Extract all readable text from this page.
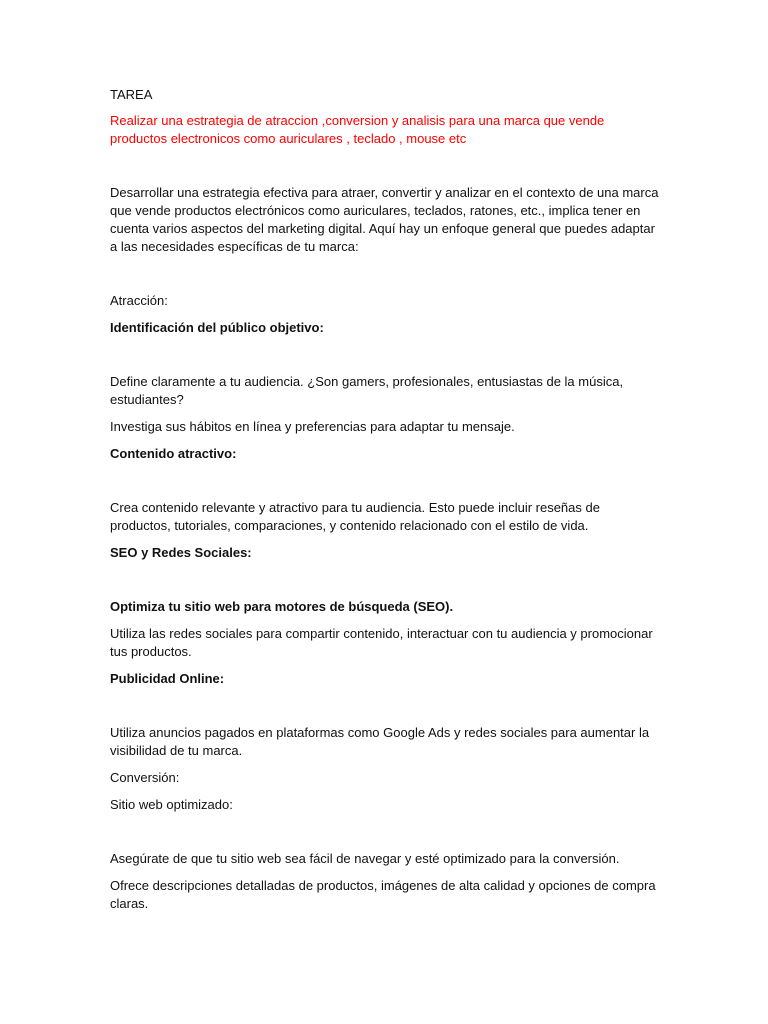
TAREA

Realizar una estrategia de atraccion ,conversion y analisis para una marca que vende productos electronicos como auriculares , teclado , mouse etc

Desarrollar una estrategia efectiva para atraer, convertir y analizar en el contexto de una marca que vende productos electrónicos como auriculares, teclados, ratones, etc., implica tener en cuenta varios aspectos del marketing digital. Aquí hay un enfoque general que puedes adaptar a las necesidades específicas de tu marca:

Atracción:

Identificación del público objetivo:

Define claramente a tu audiencia. ¿Son gamers, profesionales, entusiastas de la música, estudiantes?

Investiga sus hábitos en línea y preferencias para adaptar tu mensaje.

Contenido atractivo:

Crea contenido relevante y atractivo para tu audiencia. Esto puede incluir reseñas de productos, tutoriales, comparaciones, y contenido relacionado con el estilo de vida.

SEO y Redes Sociales:

Optimiza tu sitio web para motores de búsqueda (SEO).

Utiliza las redes sociales para compartir contenido, interactuar con tu audiencia y promocionar tus productos.

Publicidad Online:

Utiliza anuncios pagados en plataformas como Google Ads y redes sociales para aumentar la visibilidad de tu marca.

Conversión:

Sitio web optimizado:

Asegúrate de que tu sitio web sea fácil de navegar y esté optimizado para la conversión.

Ofrece descripciones detalladas de productos, imágenes de alta calidad y opciones de compra claras.
